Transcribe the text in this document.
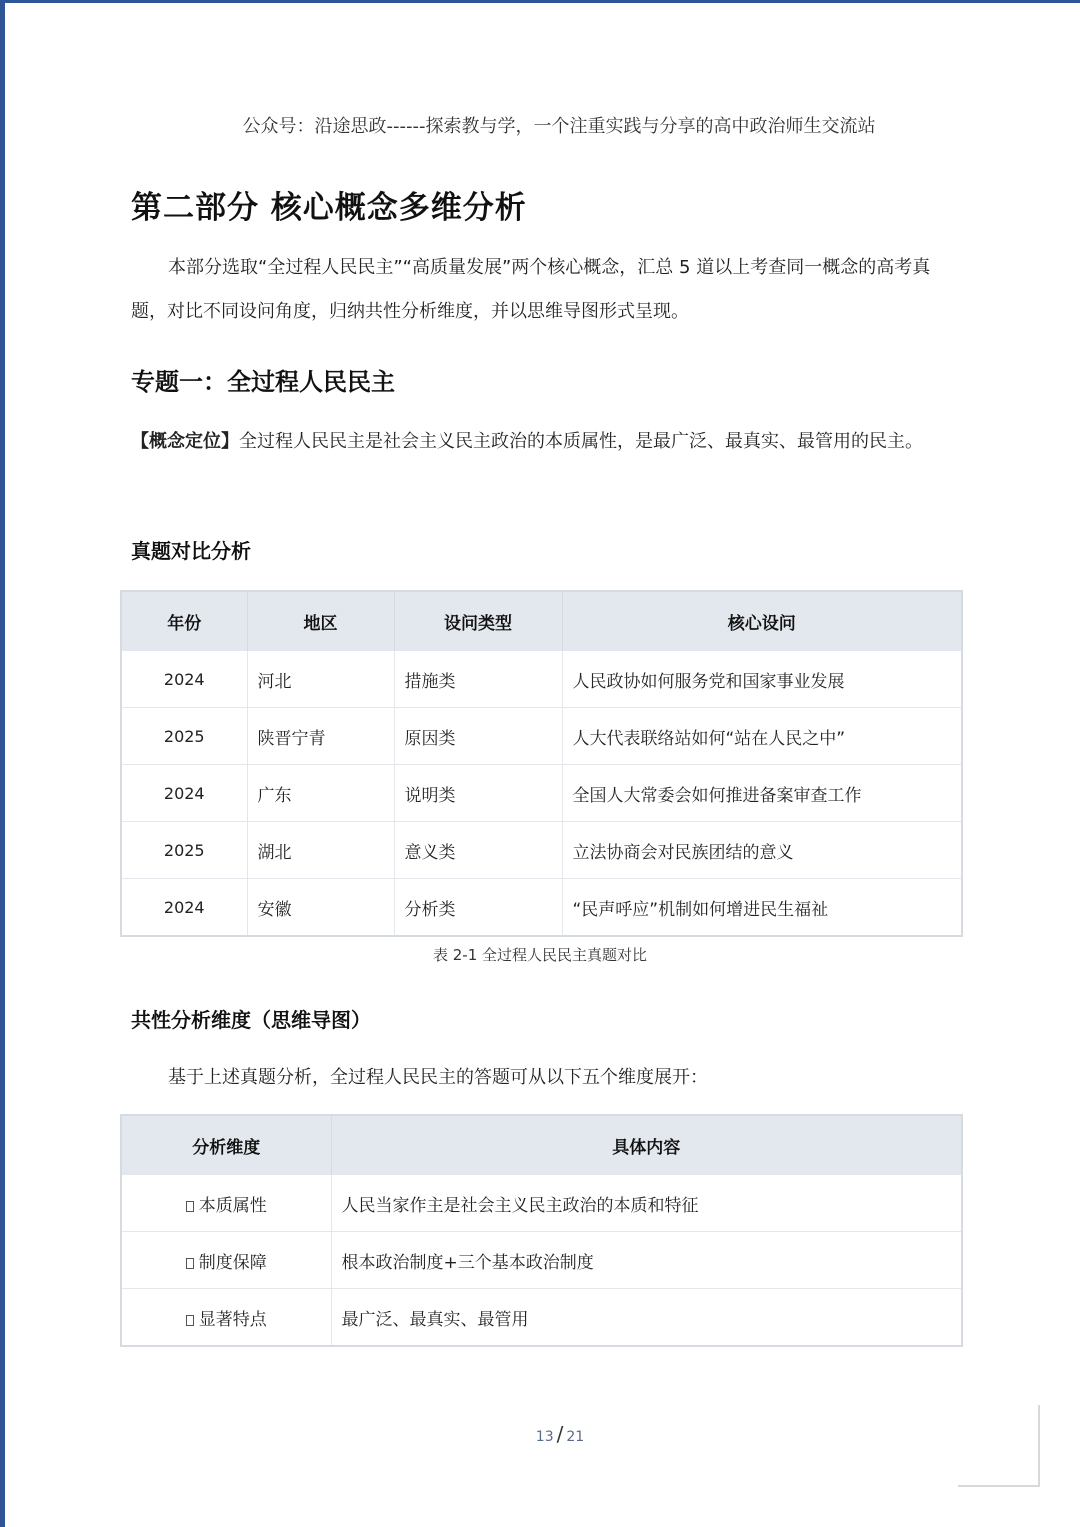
公众号：沿途思政------探索教与学，一个注重实践与分享的高中政治师生交流站
第二部分 核心概念多维分析
本部分选取“全过程人民民主”“高质量发展”两个核心概念，汇总 5 道以上考查同一概念的高考真题，对比不同设问角度，归纳共性分析维度，并以思维导图形式呈现。
专题一：全过程人民民主
【概念定位】全过程人民民主是社会主义民主政治的本质属性，是最广泛、最真实、最管用的民主。
真题对比分析
年份	地区	设问类型	核心设问
2024	河北	措施类	人民政协如何服务党和国家事业发展
2025	陕晋宁青	原因类	人大代表联络站如何“站在人民之中”
2024	广东	说明类	全国人大常委会如何推进备案审查工作
2025	湖北	意义类	立法协商会对民族团结的意义
2024	安徽	分析类	“民声呼应”机制如何增进民生福祉
表 2-1 全过程人民民主真题对比
共性分析维度（思维导图）
基于上述真题分析，全过程人民民主的答题可从以下五个维度展开：
分析维度	具体内容
本质属性	人民当家作主是社会主义民主政治的本质和特征
制度保障	根本政治制度+三个基本政治制度
显著特点	最广泛、最真实、最管用
13 / 21
